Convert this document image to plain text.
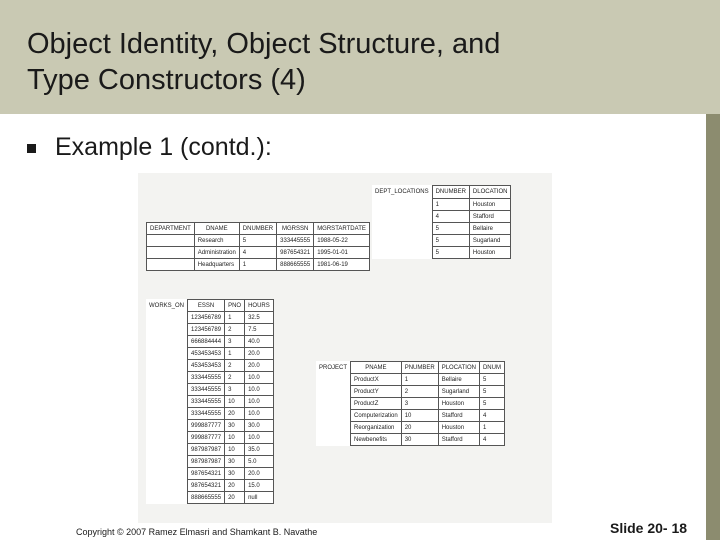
Object Identity, Object Structure, and
Type Constructors (4)
Example 1 (contd.):
DEPT_LOCATIONS	DNUMBER	DLOCATION
	1	Houston
	4	Stafford
	5	Bellaire
	5	Sugarland
	5	Houston
DEPARTMENT	DNAME	DNUMBER	MGRSSN	MGRSTARTDATE
	Research	5	333445555	1988-05-22
	Administration	4	987654321	1995-01-01
	Headquarters	1	888665555	1981-06-19
WORKS_ON	ESSN	PNO	HOURS
	123456789	1	32.5
	123456789	2	7.5
	666884444	3	40.0
	453453453	1	20.0
	453453453	2	20.0
	333445555	2	10.0
	333445555	3	10.0
	333445555	10	10.0
	333445555	20	10.0
	999887777	30	30.0
	999887777	10	10.0
	987987987	10	35.0
	987987987	30	5.0
	987654321	30	20.0
	987654321	20	15.0
	888665555	20	null
PROJECT	PNAME	PNUMBER	PLOCATION	DNUM
	ProductX	1	Bellaire	5
	ProductY	2	Sugarland	5
	ProductZ	3	Houston	5
	Computerization	10	Stafford	4
	Reorganization	20	Houston	1
	Newbenefits	30	Stafford	4
Copyright © 2007 Ramez Elmasri and Shamkant B. Navathe	Slide 20- 18
